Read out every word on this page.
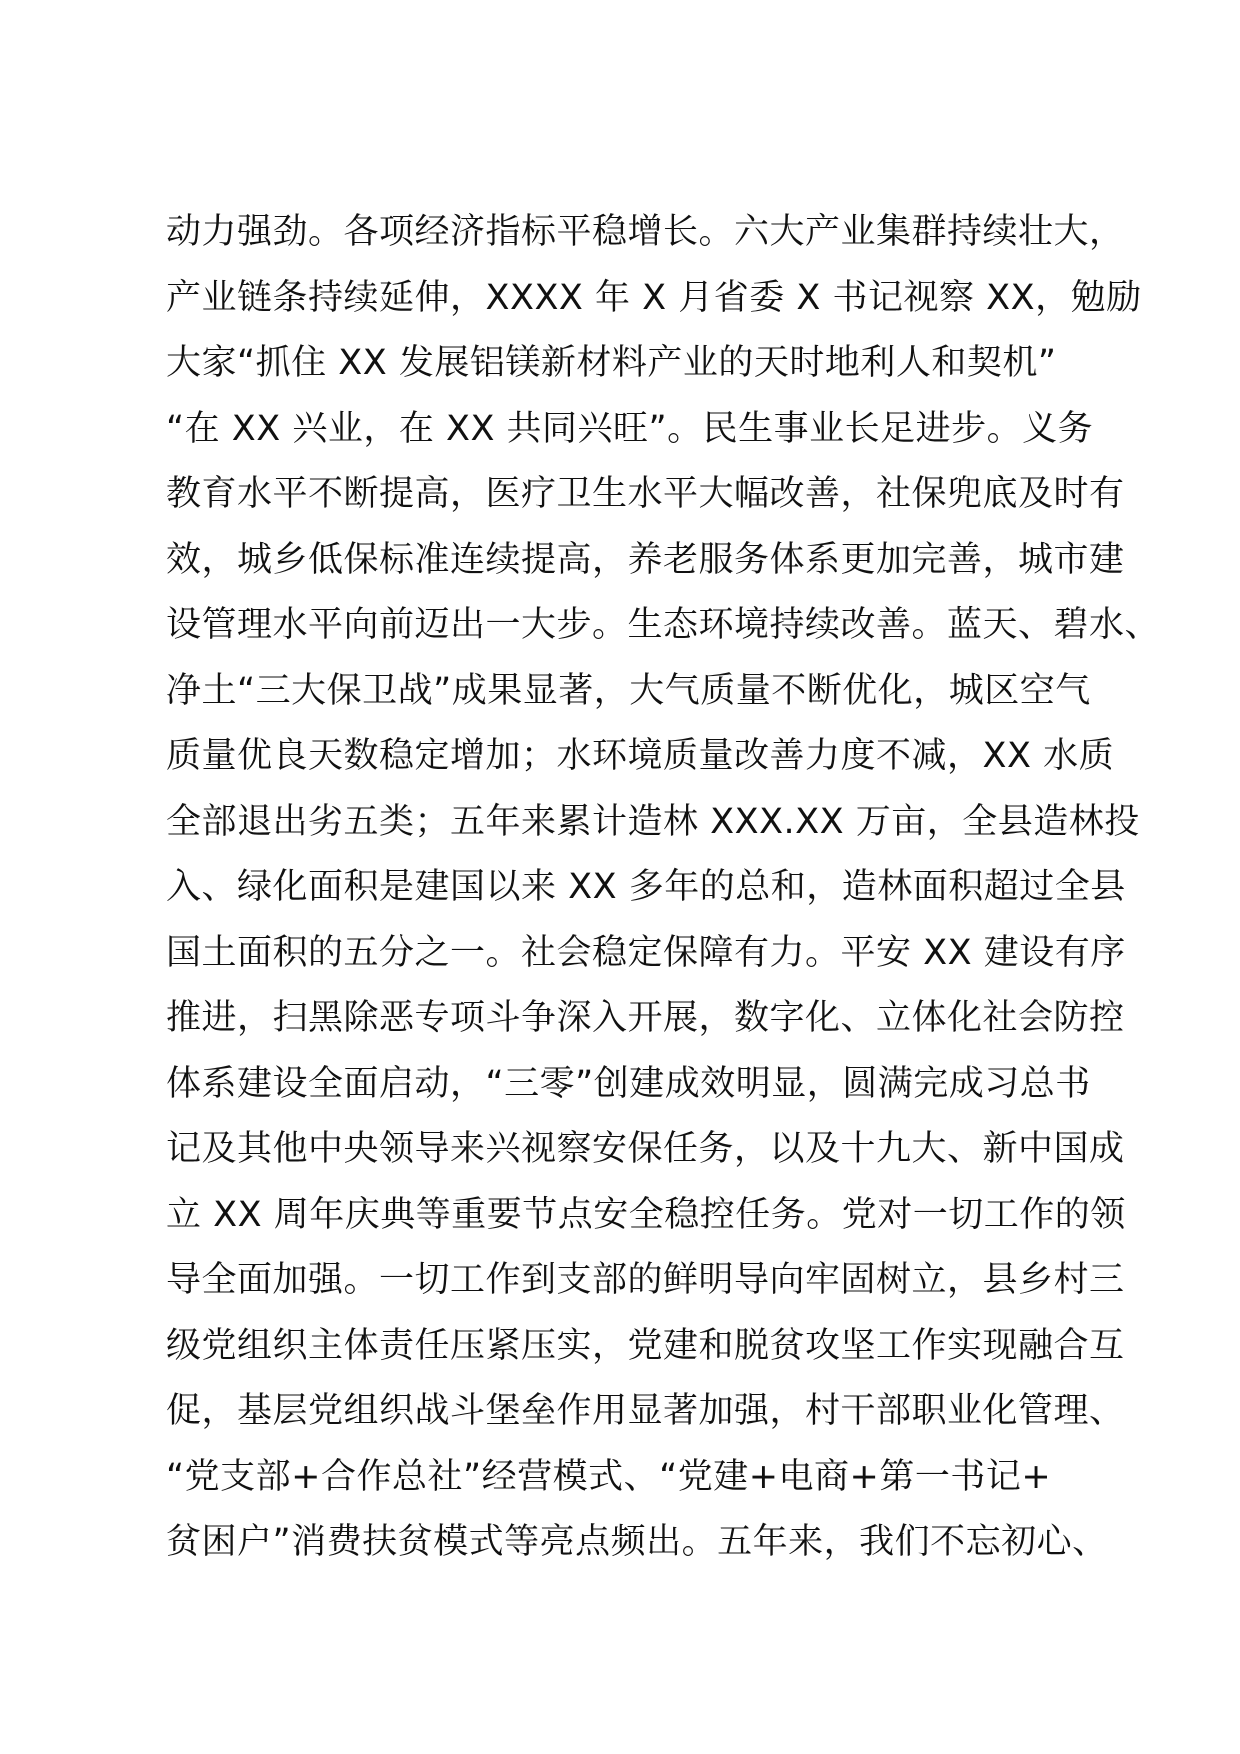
动力强劲。各项经济指标平稳增长。六大产业集群持续壮大，
产业链条持续延伸，XXXX 年 X 月省委 X 书记视察 XX，勉励
大家“抓住 XX 发展铝镁新材料产业的天时地利人和契机”
“在 XX 兴业，在 XX 共同兴旺”。民生事业长足进步。义务
教育水平不断提高，医疗卫生水平大幅改善，社保兜底及时有
效，城乡低保标准连续提高，养老服务体系更加完善，城市建
设管理水平向前迈出一大步。生态环境持续改善。蓝天、碧水、
净土“三大保卫战”成果显著，大气质量不断优化，城区空气
质量优良天数稳定增加；水环境质量改善力度不减，XX 水质
全部退出劣五类；五年来累计造林 XXX.XX 万亩，全县造林投
入、绿化面积是建国以来 XX 多年的总和，造林面积超过全县
国土面积的五分之一。社会稳定保障有力。平安 XX 建设有序
推进，扫黑除恶专项斗争深入开展，数字化、立体化社会防控
体系建设全面启动，“三零”创建成效明显，圆满完成习总书
记及其他中央领导来兴视察安保任务，以及十九大、新中国成
立 XX 周年庆典等重要节点安全稳控任务。党对一切工作的领
导全面加强。一切工作到支部的鲜明导向牢固树立，县乡村三
级党组织主体责任压紧压实，党建和脱贫攻坚工作实现融合互
促，基层党组织战斗堡垒作用显著加强，村干部职业化管理、
“党支部+合作总社”经营模式、“党建+电商+第一书记+
贫困户”消费扶贫模式等亮点频出。五年来，我们不忘初心、
